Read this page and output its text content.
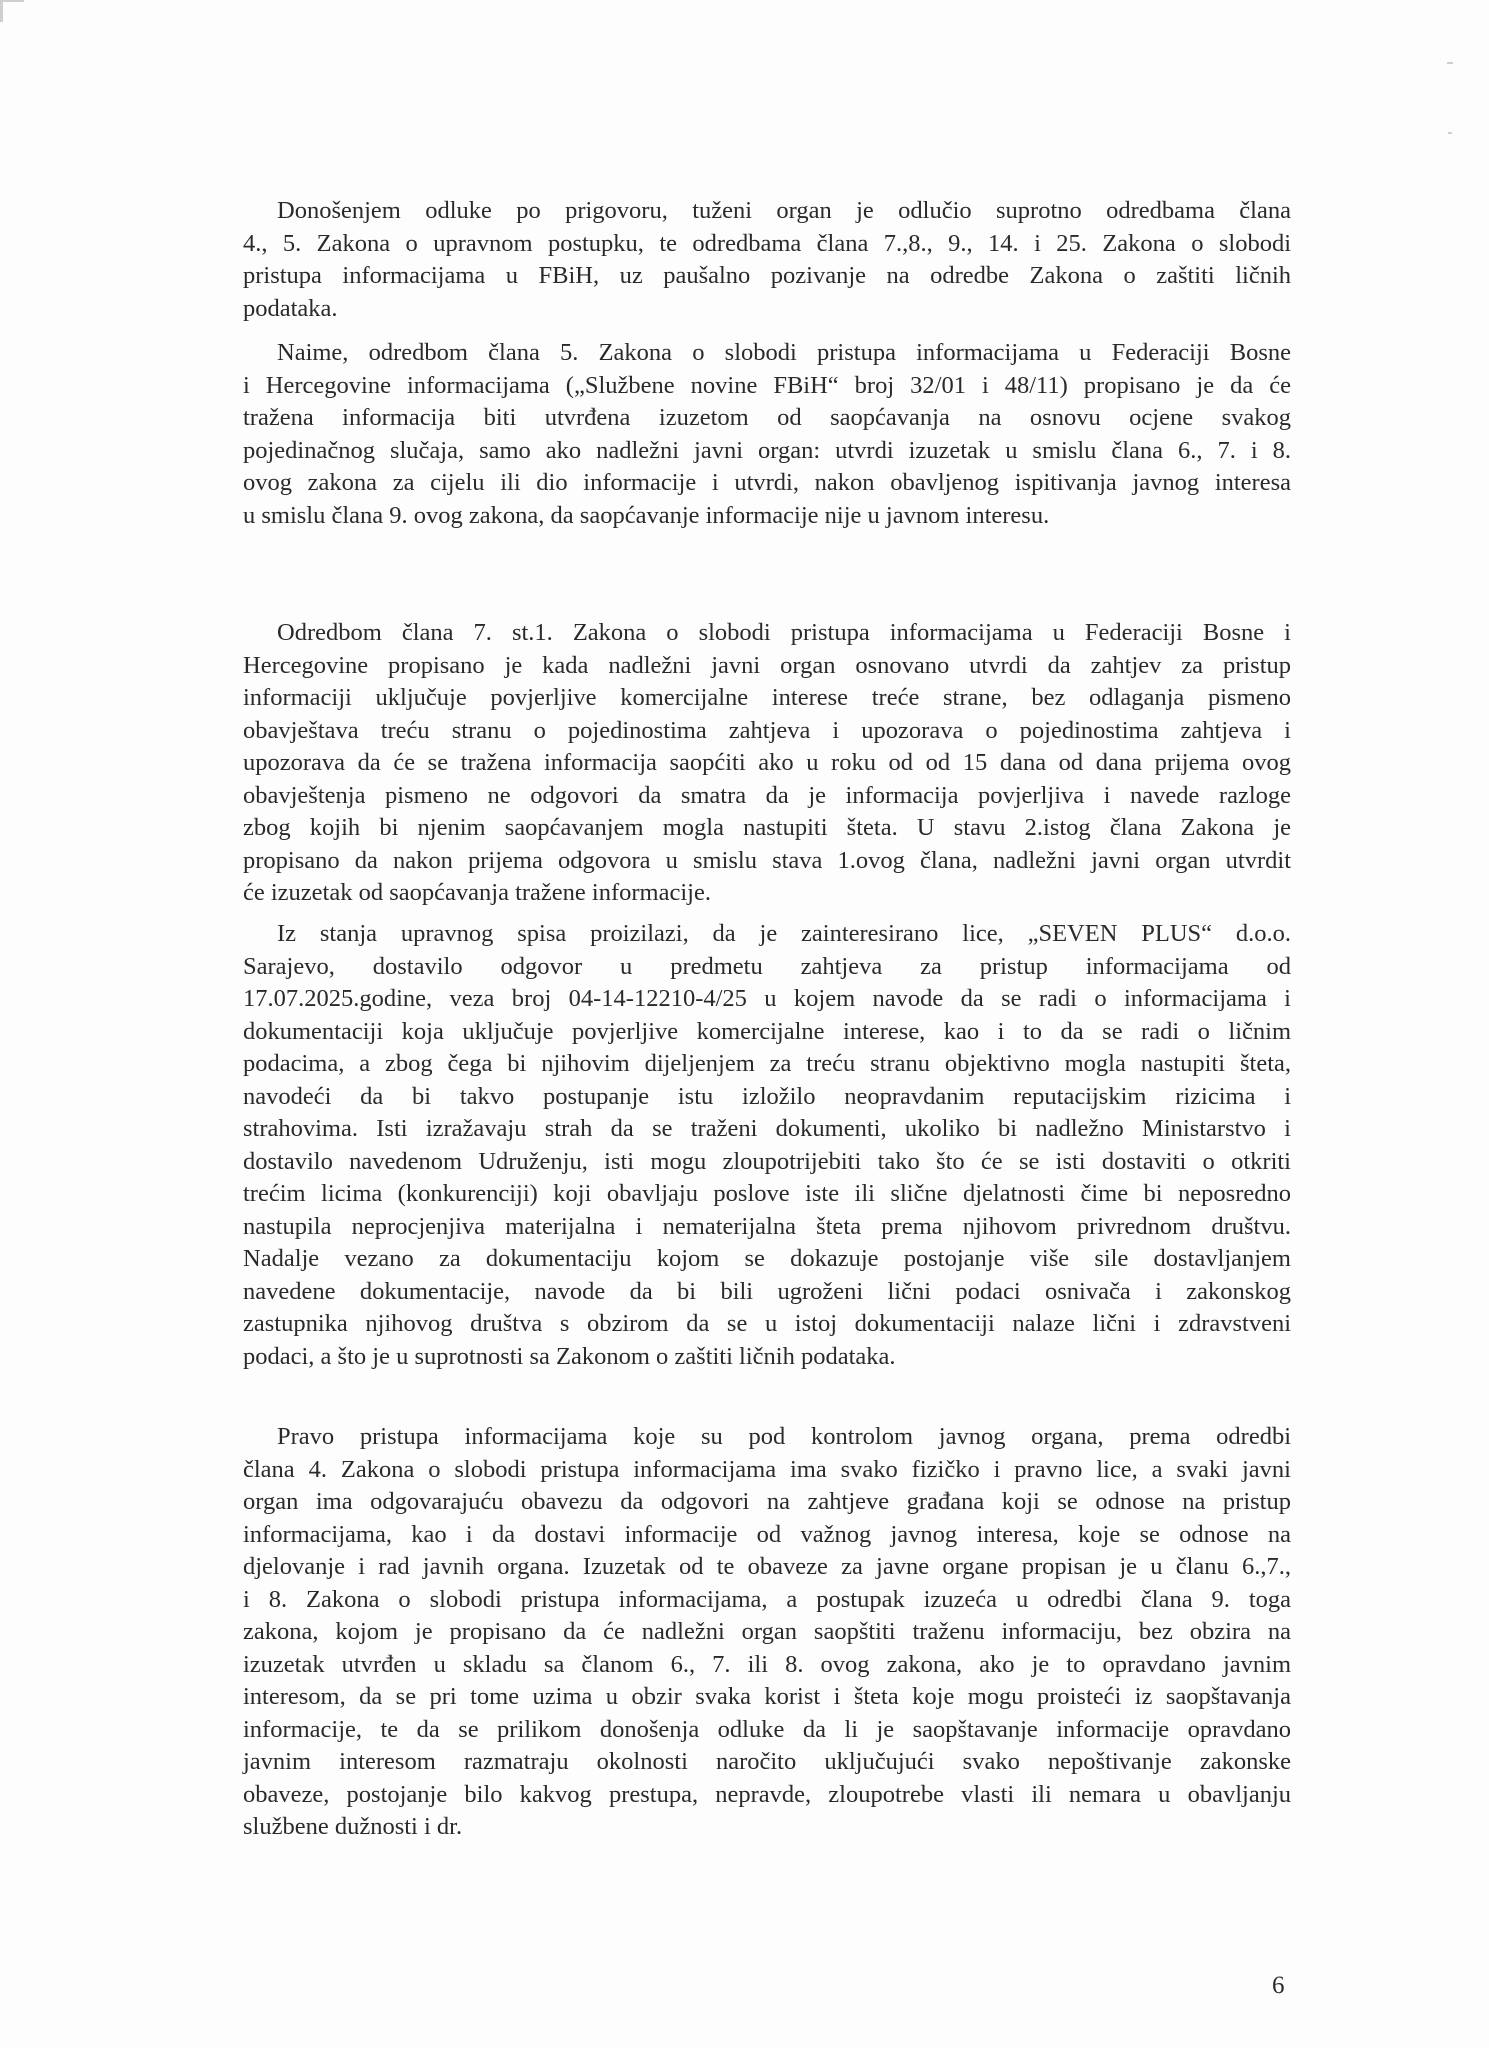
Donošenjem odluke po prigovoru, tuženi organ je odlučio suprotno odredbama člana
4., 5. Zakona o upravnom postupku, te odredbama člana 7.,8., 9., 14. i 25. Zakona o slobodi
pristupa informacijama u FBiH, uz paušalno pozivanje na odredbe Zakona o zaštiti ličnih
podataka.
Naime, odredbom člana 5. Zakona o slobodi pristupa informacijama u Federaciji Bosne
i Hercegovine informacijama („Službene novine FBiH“ broj 32/01 i 48/11) propisano je da će
tražena informacija biti utvrđena izuzetom od saopćavanja na osnovu ocjene svakog
pojedinačnog slučaja, samo ako nadležni javni organ: utvrdi izuzetak u smislu člana 6., 7. i 8.
ovog zakona za cijelu ili dio informacije i utvrdi, nakon obavljenog ispitivanja javnog interesa
u smislu člana 9. ovog zakona, da saopćavanje informacije nije u javnom interesu.
Odredbom člana 7. st.1. Zakona o slobodi pristupa informacijama u Federaciji Bosne i
Hercegovine propisano je kada nadležni javni organ osnovano utvrdi da zahtjev za pristup
informaciji uključuje povjerljive komercijalne interese treće strane, bez odlaganja pismeno
obavještava treću stranu o pojedinostima zahtjeva i upozorava o pojedinostima zahtjeva i
upozorava da će se tražena informacija saopćiti ako u roku od od 15 dana od dana prijema ovog
obavještenja pismeno ne odgovori da smatra da je informacija povjerljiva i navede razloge
zbog kojih bi njenim saopćavanjem mogla nastupiti šteta. U stavu 2.istog člana Zakona je
propisano da nakon prijema odgovora u smislu stava 1.ovog člana, nadležni javni organ utvrdit
će izuzetak od saopćavanja tražene informacije.
Iz stanja upravnog spisa proizilazi, da je zainteresirano lice, „SEVEN PLUS“ d.o.o.
Sarajevo, dostavilo odgovor u predmetu zahtjeva za pristup informacijama od
17.07.2025.godine, veza broj 04-14-12210-4/25 u kojem navode da se radi o informacijama i
dokumentaciji koja uključuje povjerljive komercijalne interese, kao i to da se radi o ličnim
podacima, a zbog čega bi njihovim dijeljenjem za treću stranu objektivno mogla nastupiti šteta,
navodeći da bi takvo postupanje istu izložilo neopravdanim reputacijskim rizicima i
strahovima. Isti izražavaju strah da se traženi dokumenti, ukoliko bi nadležno Ministarstvo i
dostavilo navedenom Udruženju, isti mogu zloupotrijebiti tako što će se isti dostaviti o otkriti
trećim licima (konkurenciji) koji obavljaju poslove iste ili slične djelatnosti čime bi neposredno
nastupila neprocjenjiva materijalna i nematerijalna šteta prema njihovom privrednom društvu.
Nadalje vezano za dokumentaciju kojom se dokazuje postojanje više sile dostavljanjem
navedene dokumentacije, navode da bi bili ugroženi lični podaci osnivača i zakonskog
zastupnika njihovog društva s obzirom da se u istoj dokumentaciji nalaze lični i zdravstveni
podaci, a što je u suprotnosti sa Zakonom o zaštiti ličnih podataka.
Pravo pristupa informacijama koje su pod kontrolom javnog organa, prema odredbi
člana 4. Zakona o slobodi pristupa informacijama ima svako fizičko i pravno lice, a svaki javni
organ ima odgovarajuću obavezu da odgovori na zahtjeve građana koji se odnose na pristup
informacijama, kao i da dostavi informacije od važnog javnog interesa, koje se odnose na
djelovanje i rad javnih organa. Izuzetak od te obaveze za javne organe propisan je u članu 6.,7.,
i 8. Zakona o slobodi pristupa informacijama, a postupak izuzeća u odredbi člana 9. toga
zakona, kojom je propisano da će nadležni organ saopštiti traženu informaciju, bez obzira na
izuzetak utvrđen u skladu sa članom 6., 7. ili 8. ovog zakona, ako je to opravdano javnim
interesom, da se pri tome uzima u obzir svaka korist i šteta koje mogu proisteći iz saopštavanja
informacije, te da se prilikom donošenja odluke da li je saopštavanje informacije opravdano
javnim interesom razmatraju okolnosti naročito uključujući svako nepoštivanje zakonske
obaveze, postojanje bilo kakvog prestupa, nepravde, zloupotrebe vlasti ili nemara u obavljanju
službene dužnosti i dr.
6
